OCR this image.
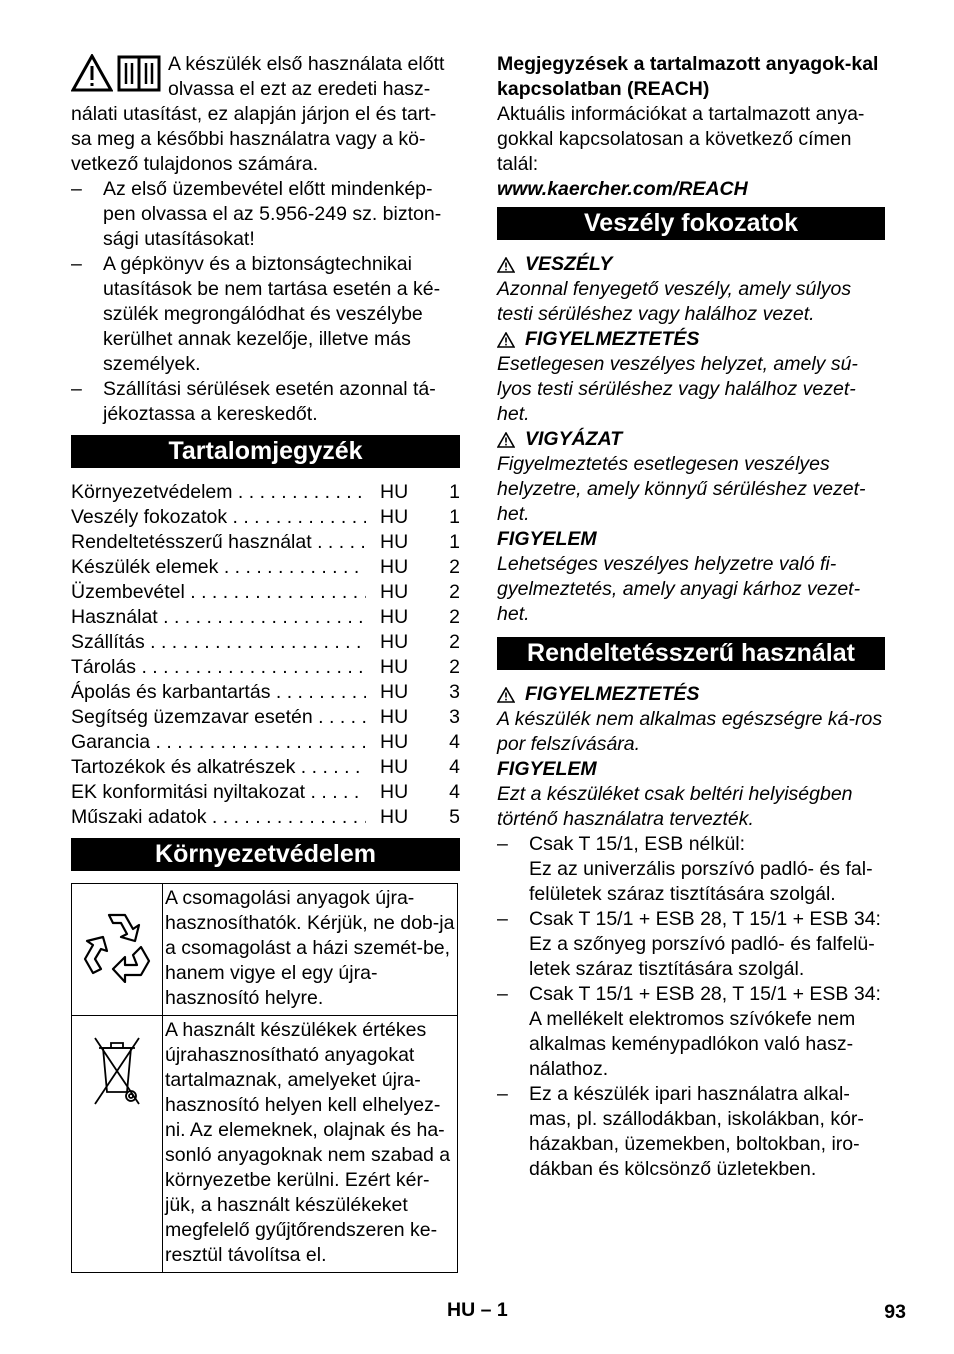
A készülék első használata előtt

olvassa el ezt az eredeti hasz-

nálati utasítást, ez alapján járjon el és tart-

sa meg a későbbi használatra vagy a kö-

vetkező tulajdonos számára.

–	Az első üzembevétel előtt mindenkép-pen olvassa el az 5.956-249 sz. bizton-sági utasításokat!
–	A gépkönyv és a biztonságtechnikai utasítások be nem tartása esetén a ké-szülék megrongálódhat és veszélybe kerülhet annak kezelője, illetve más személyek.
–	Szállítási sérülések esetén azonnal tá-jékoztassa a kereskedőt.
Tartalomjegyzék
Környezetvédelem . . .	HU	1
Veszély fokozatok . . .	HU	1
Rendeltetésszerű használat . . .	HU	1
Készülék elemek . . .	HU	2
Üzembevétel . . .	HU	2
Használat . . .	HU	2
Szállítás . . .	HU	2
Tárolás . . .	HU	2
Ápolás és karbantartás . . .	HU	3
Segítség üzemzavar esetén . . .	HU	3
Garancia . . .	HU	4
Tartozékok és alkatrészek . . .	HU	4
EK konformitási nyiltakozat . . .	HU	4
Műszaki adatok . . .	HU	5
Környezetvédelem
	A csomagolási anyagok újra-hasznosíthatók. Kérjük, ne dob-ja a csomagolást a házi szemét-be, hanem vigye el egy újra-hasznosító helyre.
	A használt készülékek értékes újrahasznosítható anyagokat tartalmaznak, amelyeket újra-hasznosító helyen kell elhelyez-ni. Az elemeknek, olajnak és ha-sonló anyagoknak nem szabad a környezetbe kerülni. Ezért kér-jük, a használt készülékeket megfelelő gyűjtőrendszeren ke-resztül távolítsa el.

Megjegyzések a tartalmazott anyagok-kal kapcsolatban (REACH)

Aktuális információkat a tartalmazott anya-gokkal kapcsolatosan a következő címen talál:

www.kaercher.com/REACH

Veszély fokozatok
VESZÉLY

Azonnal fenyegető veszély, amely súlyos testi sérüléshez vagy halálhoz vezet.

FIGYELMEZTETÉS

Esetlegesen veszélyes helyzet, amely sú-lyos testi sérüléshez vagy halálhoz vezet-het.

VIGYÁZAT

Figyelmeztetés esetlegesen veszélyes helyzetre, amely könnyű sérüléshez vezet-het.

FIGYELEM

Lehetséges veszélyes helyzetre való fi-gyelmeztetés, amely anyagi kárhoz vezet-het.

Rendeltetésszerű használat
FIGYELMEZTETÉS

A készülék nem alkalmas egészségre ká-ros por felszívására.

FIGYELEM

Ezt a készüléket csak beltéri helyiségben történő használatra tervezték.

–	Csak T 15/1, ESB nélkül:
Ez az univerzális porszívó padló- és fal-felületek száraz tisztítására szolgál.
–	Csak T 15/1 + ESB 28, T 15/1 + ESB 34:
Ez a szőnyeg porszívó padló- és falfelü-letek száraz tisztítására szolgál.
–	Csak T 15/1 + ESB 28, T 15/1 + ESB 34:
A mellékelt elektromos szívókefe nem alkalmas keménypadlókon való hasz-nálathoz.
–	Ez a készülék ipari használatra alkal-mas, pl. szállodákban, iskolákban, kór-házakban, üzemekben, boltokban, iro-dákban és kölcsönző üzletekben.
HU – 1	93
